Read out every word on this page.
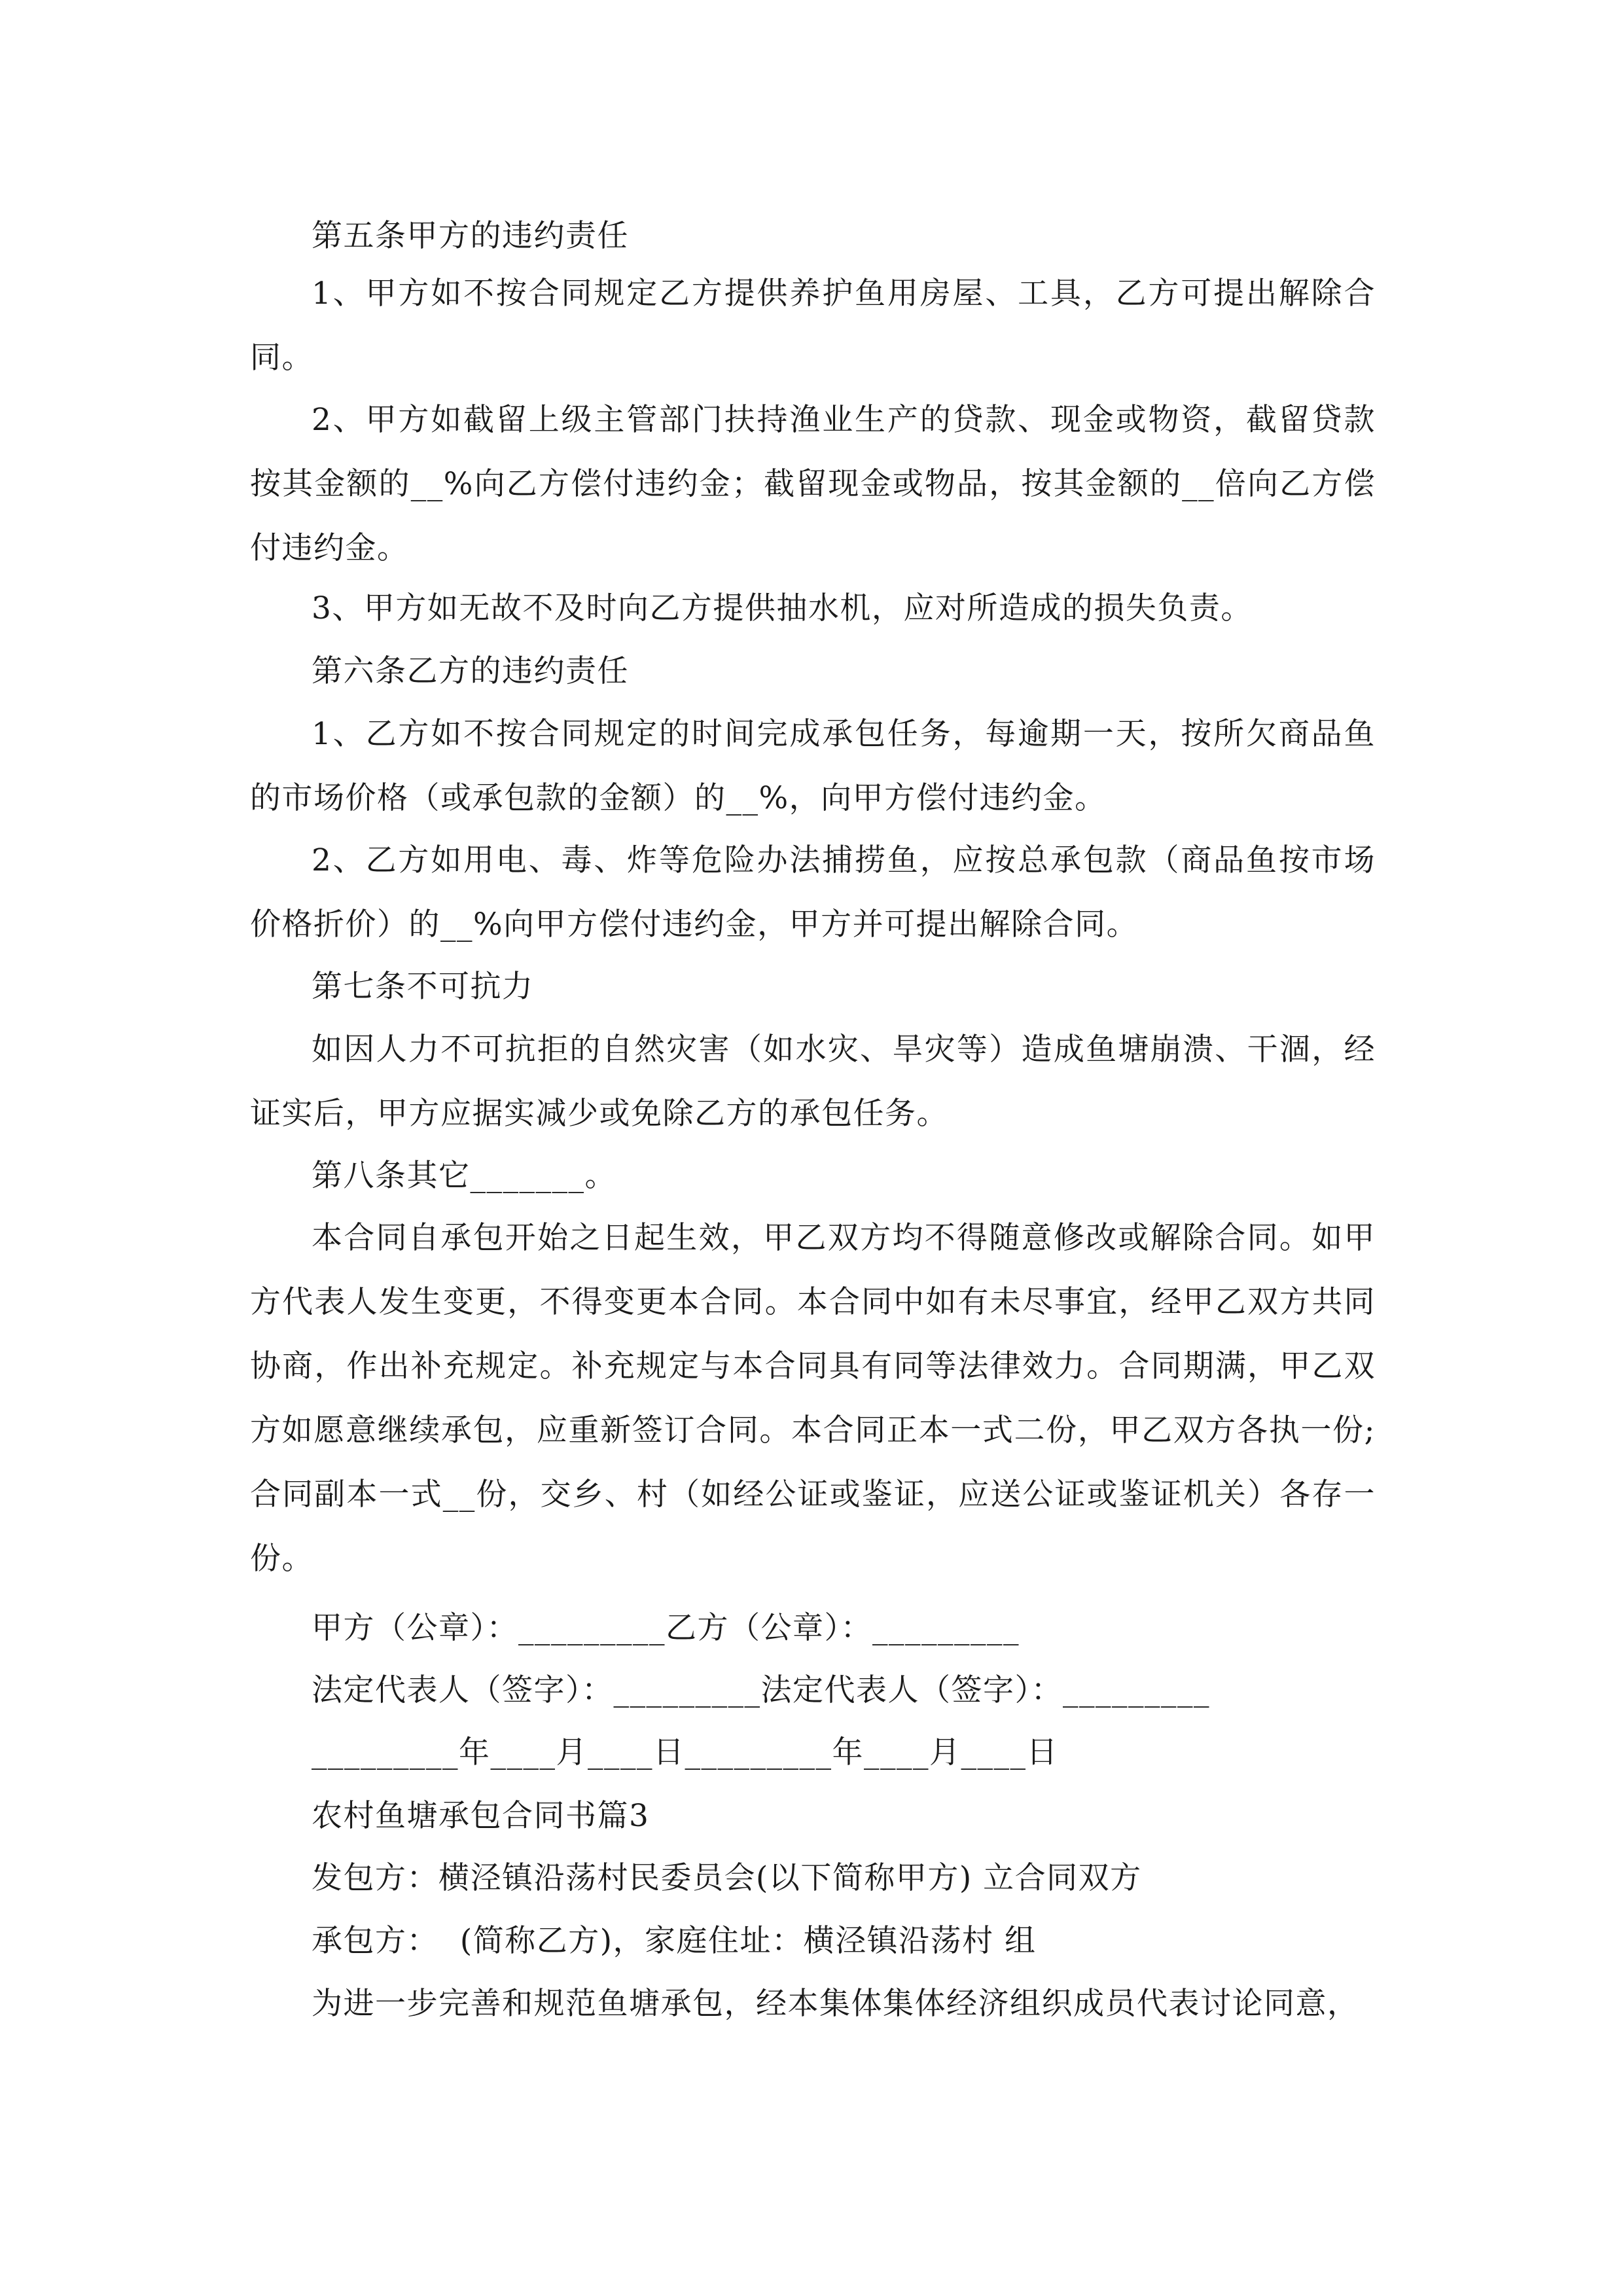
第五条甲方的违约责任

1、甲方如不按合同规定乙方提供养护鱼用房屋、工具，乙方可提出解除合同。

2、甲方如截留上级主管部门扶持渔业生产的贷款、现金或物资，截留贷款按其金额的__%向乙方偿付违约金；截留现金或物品，按其金额的__倍向乙方偿付违约金。

3、甲方如无故不及时向乙方提供抽水机，应对所造成的损失负责。

第六条乙方的违约责任

1、乙方如不按合同规定的时间完成承包任务，每逾期一天，按所欠商品鱼的市场价格（或承包款的金额）的__%，向甲方偿付违约金。

2、乙方如用电、毒、炸等危险办法捕捞鱼，应按总承包款（商品鱼按市场价格折价）的__%向甲方偿付违约金，甲方并可提出解除合同。

第七条不可抗力

如因人力不可抗拒的自然灾害（如水灾、旱灾等）造成鱼塘崩溃、干涸，经证实后，甲方应据实减少或免除乙方的承包任务。

第八条其它_______。

本合同自承包开始之日起生效，甲乙双方均不得随意修改或解除合同。如甲方代表人发生变更，不得变更本合同。本合同中如有未尽事宜，经甲乙双方共同协商，作出补充规定。补充规定与本合同具有同等法律效力。合同期满，甲乙双方如愿意继续承包，应重新签订合同。本合同正本一式二份，甲乙双方各执一份;合同副本一式__份，交乡、村（如经公证或鉴证，应送公证或鉴证机关）各存一份。

甲方（公章）：_________乙方（公章）：_________

法定代表人（签字）：_________法定代表人（签字）：_________

_________年____月____日_________年____月____日

农村鱼塘承包合同书篇3

发包方：横泾镇沿荡村民委员会(以下简称甲方) 立合同双方

承包方：  (简称乙方)，家庭住址：横泾镇沿荡村 组

为进一步完善和规范鱼塘承包，经本集体集体经济组织成员代表讨论同意，
